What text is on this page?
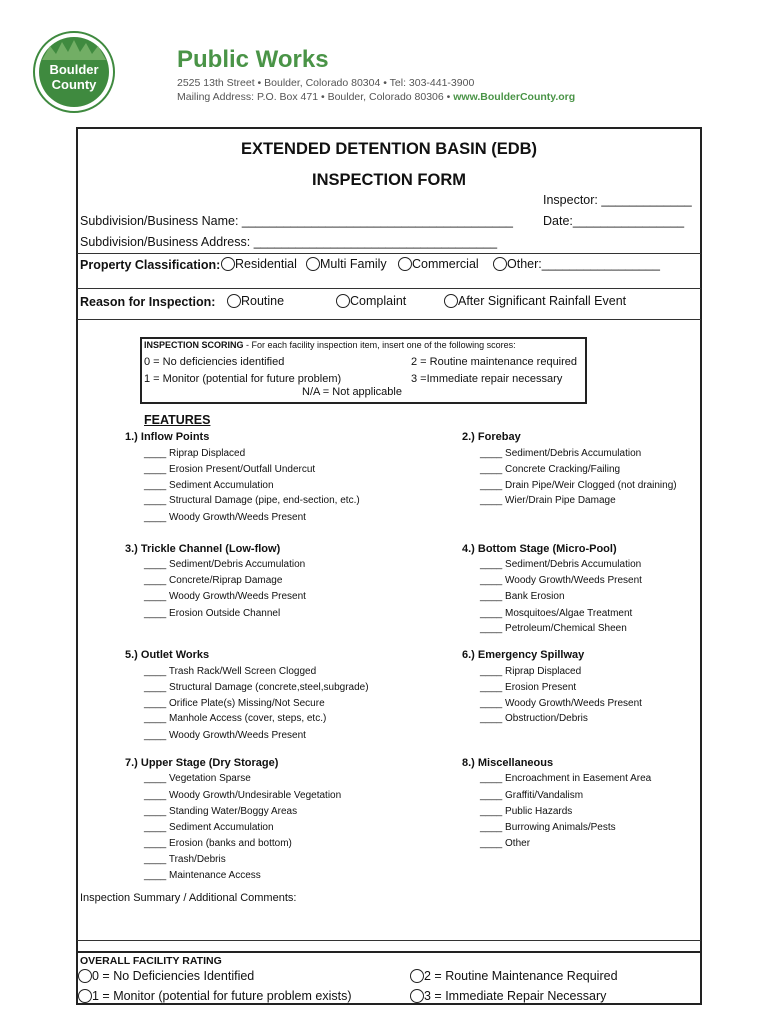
Boulder
County
Public Works
2525 13th Street • Boulder, Colorado 80304 • Tel: 303-441-3900
Mailing Address: P.O. Box 471 • Boulder, Colorado 80306 • www.BoulderCounty.org
EXTENDED DETENTION BASIN (EDB)
INSPECTION FORM
Inspector: _____________
Subdivision/Business Name: _______________________________________ Date:________________
Subdivision/Business Address: ___________________________________
Property Classification:	Residential	Multi Family	Commercial	Other:_________________
Reason for Inspection:	Routine	Complaint	After Significant Rainfall Event
INSPECTION SCORING - For each facility inspection item, insert one of the following scores:
0 = No deficiencies identified	2 = Routine maintenance required
1 = Monitor (potential for future problem)	3 =Immediate repair necessary
N/A = Not applicable
FEATURES
1.) Inflow Points
____ Riprap Displaced
____ Erosion Present/Outfall Undercut
____ Sediment Accumulation
____ Structural Damage (pipe, end-section, etc.)
____ Woody Growth/Weeds Present
2.) Forebay
____ Sediment/Debris Accumulation
____ Concrete Cracking/Failing
____ Drain Pipe/Weir Clogged (not draining)
____ Wier/Drain Pipe Damage
3.) Trickle Channel (Low-flow)
____ Sediment/Debris Accumulation
____ Concrete/Riprap Damage
____ Woody Growth/Weeds Present
____ Erosion Outside Channel
4.) Bottom Stage (Micro-Pool)
____ Sediment/Debris Accumulation
____ Woody Growth/Weeds Present
____ Bank Erosion
____ Mosquitoes/Algae Treatment
____ Petroleum/Chemical Sheen
5.) Outlet Works
____ Trash Rack/Well Screen Clogged
____ Structural Damage (concrete,steel,subgrade)
____ Orifice Plate(s) Missing/Not Secure
____ Manhole Access (cover, steps, etc.)
____ Woody Growth/Weeds Present
6.) Emergency Spillway
____ Riprap Displaced
____ Erosion Present
____ Woody Growth/Weeds Present
____ Obstruction/Debris
7.) Upper Stage (Dry Storage)
____ Vegetation Sparse
____ Woody Growth/Undesirable Vegetation
____ Standing Water/Boggy Areas
____ Sediment Accumulation
____ Erosion (banks and bottom)
____ Trash/Debris
____ Maintenance Access
8.) Miscellaneous
____ Encroachment in Easement Area
____ Graffiti/Vandalism
____ Public Hazards
____ Burrowing Animals/Pests
____ Other
Inspection Summary / Additional Comments:
OVERALL FACILITY RATING
0 = No Deficiencies Identified
1 = Monitor (potential for future problem exists)
2 = Routine Maintenance Required
3 = Immediate Repair Necessary
